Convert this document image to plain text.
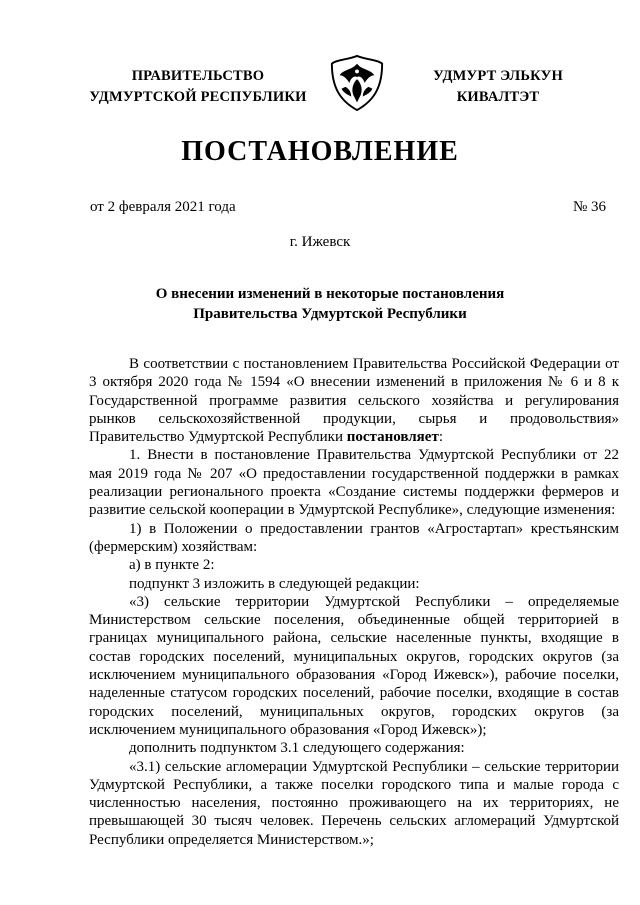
ПРАВИТЕЛЬСТВО
УДМУРТСКОЙ РЕСПУБЛИКИ
УДМУРТ ЭЛЬКУН
КИВАЛТЭТ
ПОСТАНОВЛЕНИЕ
от 2 февраля 2021 года	№ 36
г. Ижевск
О внесении изменений в некоторые постановления
Правительства Удмуртской Республики

В соответствии с постановлением Правительства Российской Федерации от 3 октября 2020 года № 1594 «О внесении изменений в приложения № 6 и 8 к Государственной программе развития сельского хозяйства и регулирования рынков сельскохозяйственной продукции, сырья и продовольствия» Правительство Удмуртской Республики постановляет:

1. Внести в постановление Правительства Удмуртской Республики от 22 мая 2019 года № 207 «О предоставлении государственной поддержки в рамках реализации регионального проекта «Создание системы поддержки фермеров и развитие сельской кооперации в Удмуртской Республике», следующие изменения:

1) в Положении о предоставлении грантов «Агростартап» крестьянским (фермерским) хозяйствам:

а) в пункте 2:

подпункт 3 изложить в следующей редакции:

«3) сельские территории Удмуртской Республики – определяемые Министерством сельские поселения, объединенные общей территорией в границах муниципального района, сельские населенные пункты, входящие в состав городских поселений, муниципальных округов, городских округов (за исключением муниципального образования «Город Ижевск»), рабочие поселки, наделенные статусом городских поселений, рабочие поселки, входящие в состав городских поселений, муниципальных округов, городских округов (за исключением муниципального образования «Город Ижевск»);

дополнить подпунктом 3.1 следующего содержания:

«3.1) сельские агломерации Удмуртской Республики – сельские территории Удмуртской Республики, а также поселки городского типа и малые города с численностью населения, постоянно проживающего на их территориях, не превышающей 30 тысяч человек. Перечень сельских агломераций Удмуртской Республики определяется Министерством.»;
